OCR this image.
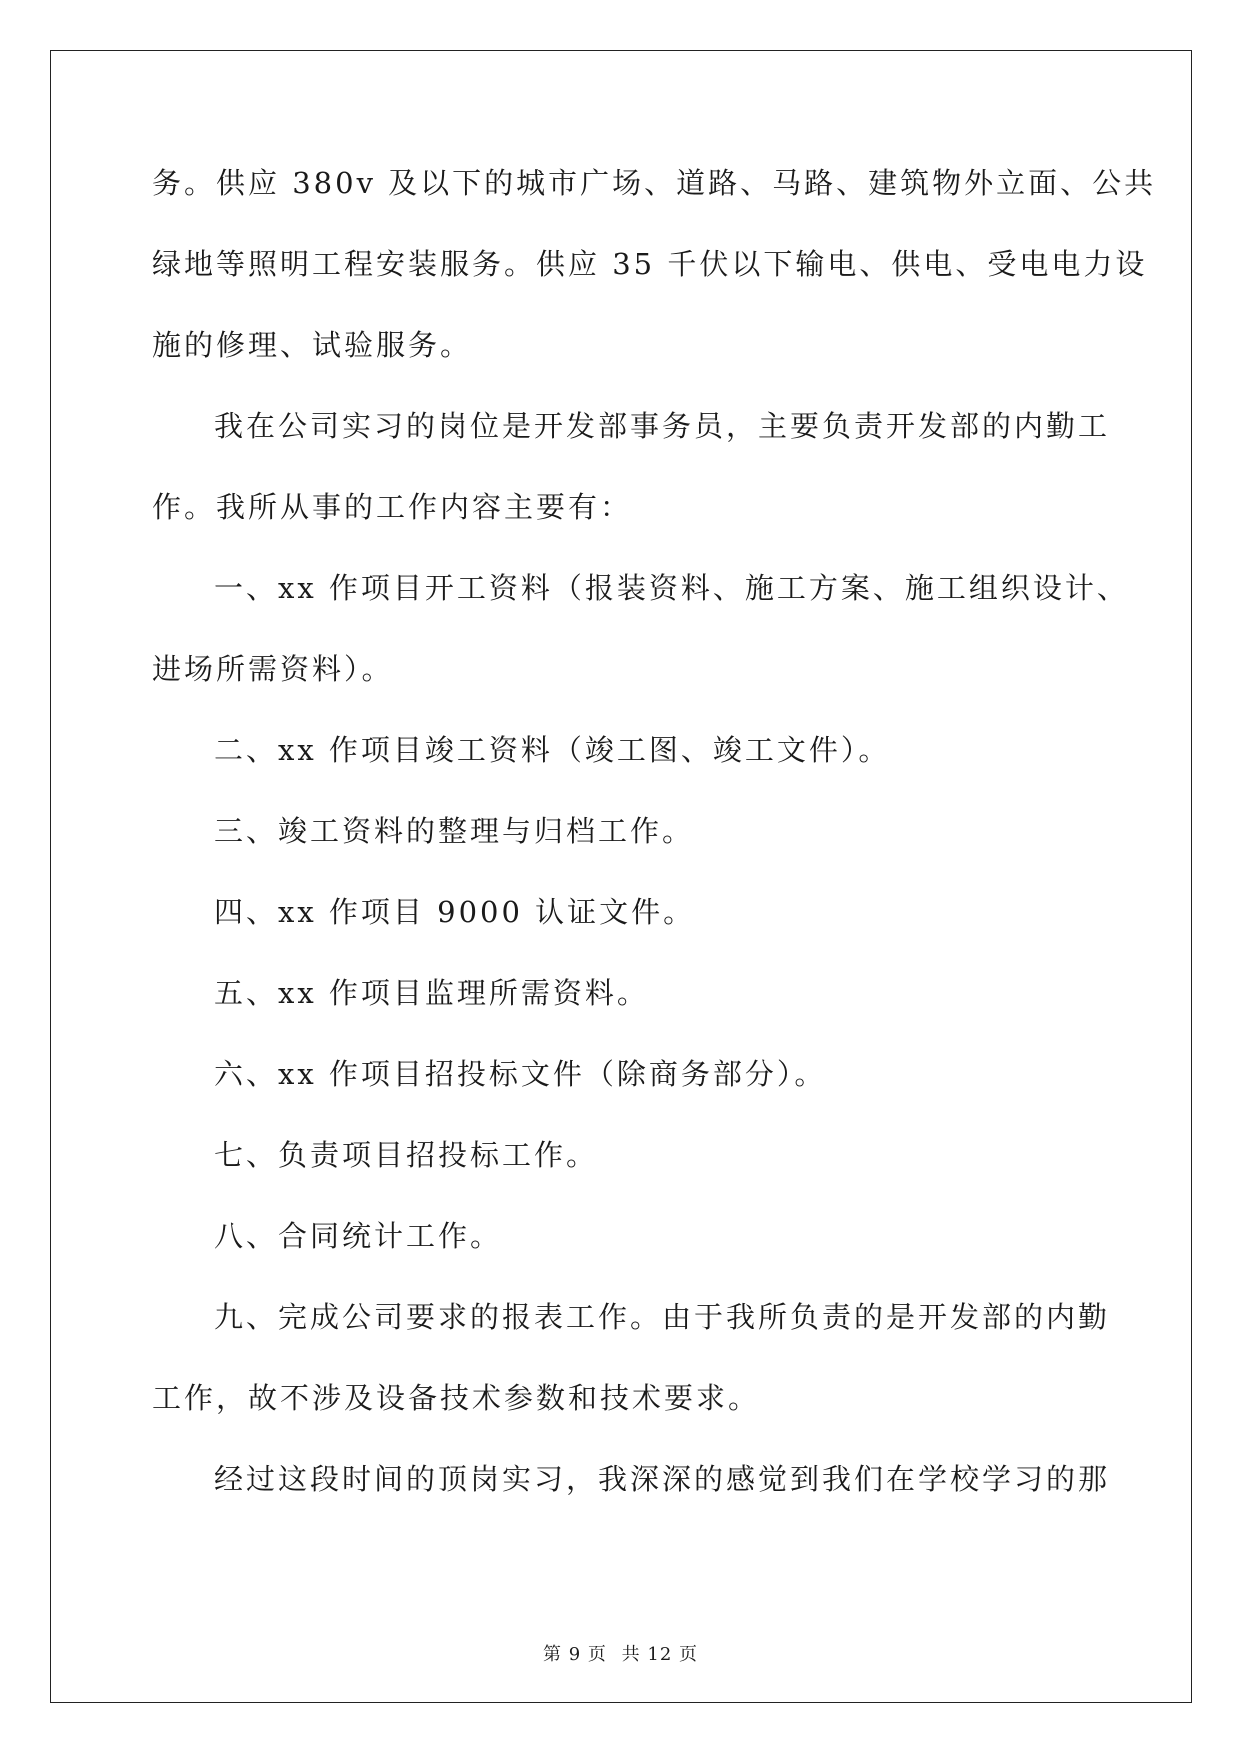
务。供应 380v 及以下的城市广场、道路、马路、建筑物外立面、公共
绿地等照明工程安装服务。供应 35 千伏以下输电、供电、受电电力设
施的修理、试验服务。
我在公司实习的岗位是开发部事务员，主要负责开发部的内勤工
作。我所从事的工作内容主要有：
一、xx 作项目开工资料（报装资料、施工方案、施工组织设计、
进场所需资料）。
二、xx 作项目竣工资料（竣工图、竣工文件）。
三、竣工资料的整理与归档工作。
四、xx 作项目 9000 认证文件。
五、xx 作项目监理所需资料。
六、xx 作项目招投标文件（除商务部分）。
七、负责项目招投标工作。
八、合同统计工作。
九、完成公司要求的报表工作。由于我所负责的是开发部的内勤
工作，故不涉及设备技术参数和技术要求。
经过这段时间的顶岗实习，我深深的感觉到我们在学校学习的那
第 9 页 共 12 页
